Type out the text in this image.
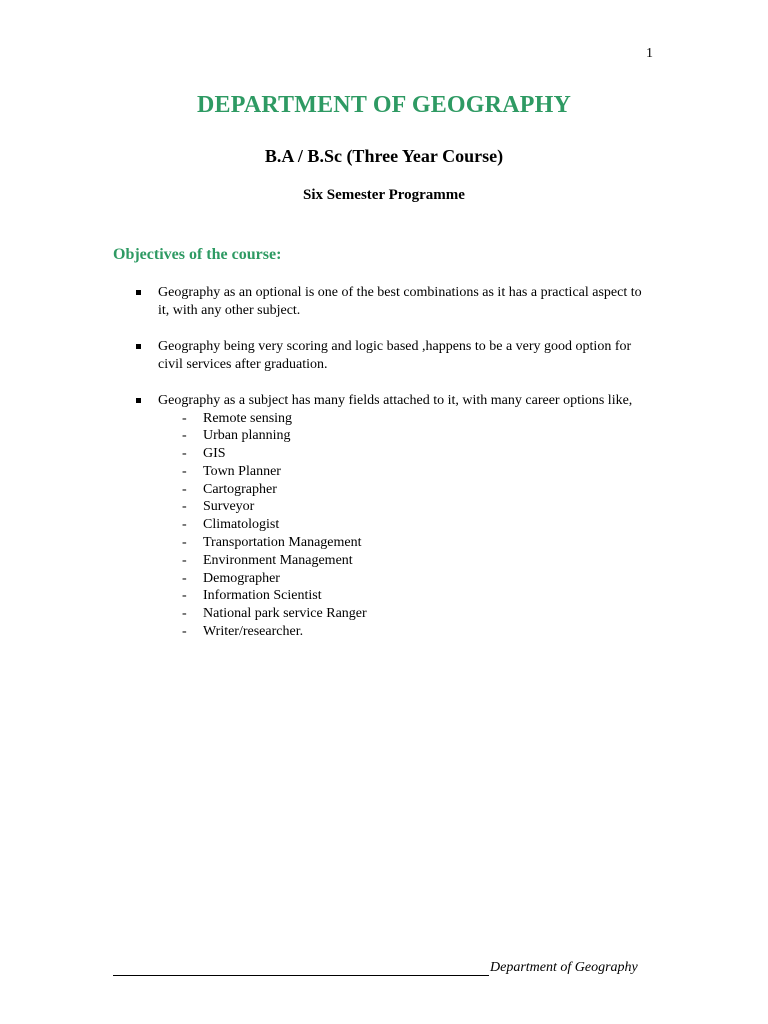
1
DEPARTMENT OF GEOGRAPHY
B.A / B.Sc (Three Year Course)
Six Semester Programme
Objectives of the course:
Geography as an optional is one of the best combinations as it has a practical aspect to it, with any other subject.
Geography being very scoring and logic based ,happens to be a very good option for civil services after graduation.
Geography as a subject has many fields attached to it, with many career options like,
- Remote sensing
- Urban planning
- GIS
- Town Planner
- Cartographer
- Surveyor
- Climatologist
- Transportation Management
- Environment Management
- Demographer
- Information Scientist
- National park service Ranger
- Writer/researcher.
Department of Geography
